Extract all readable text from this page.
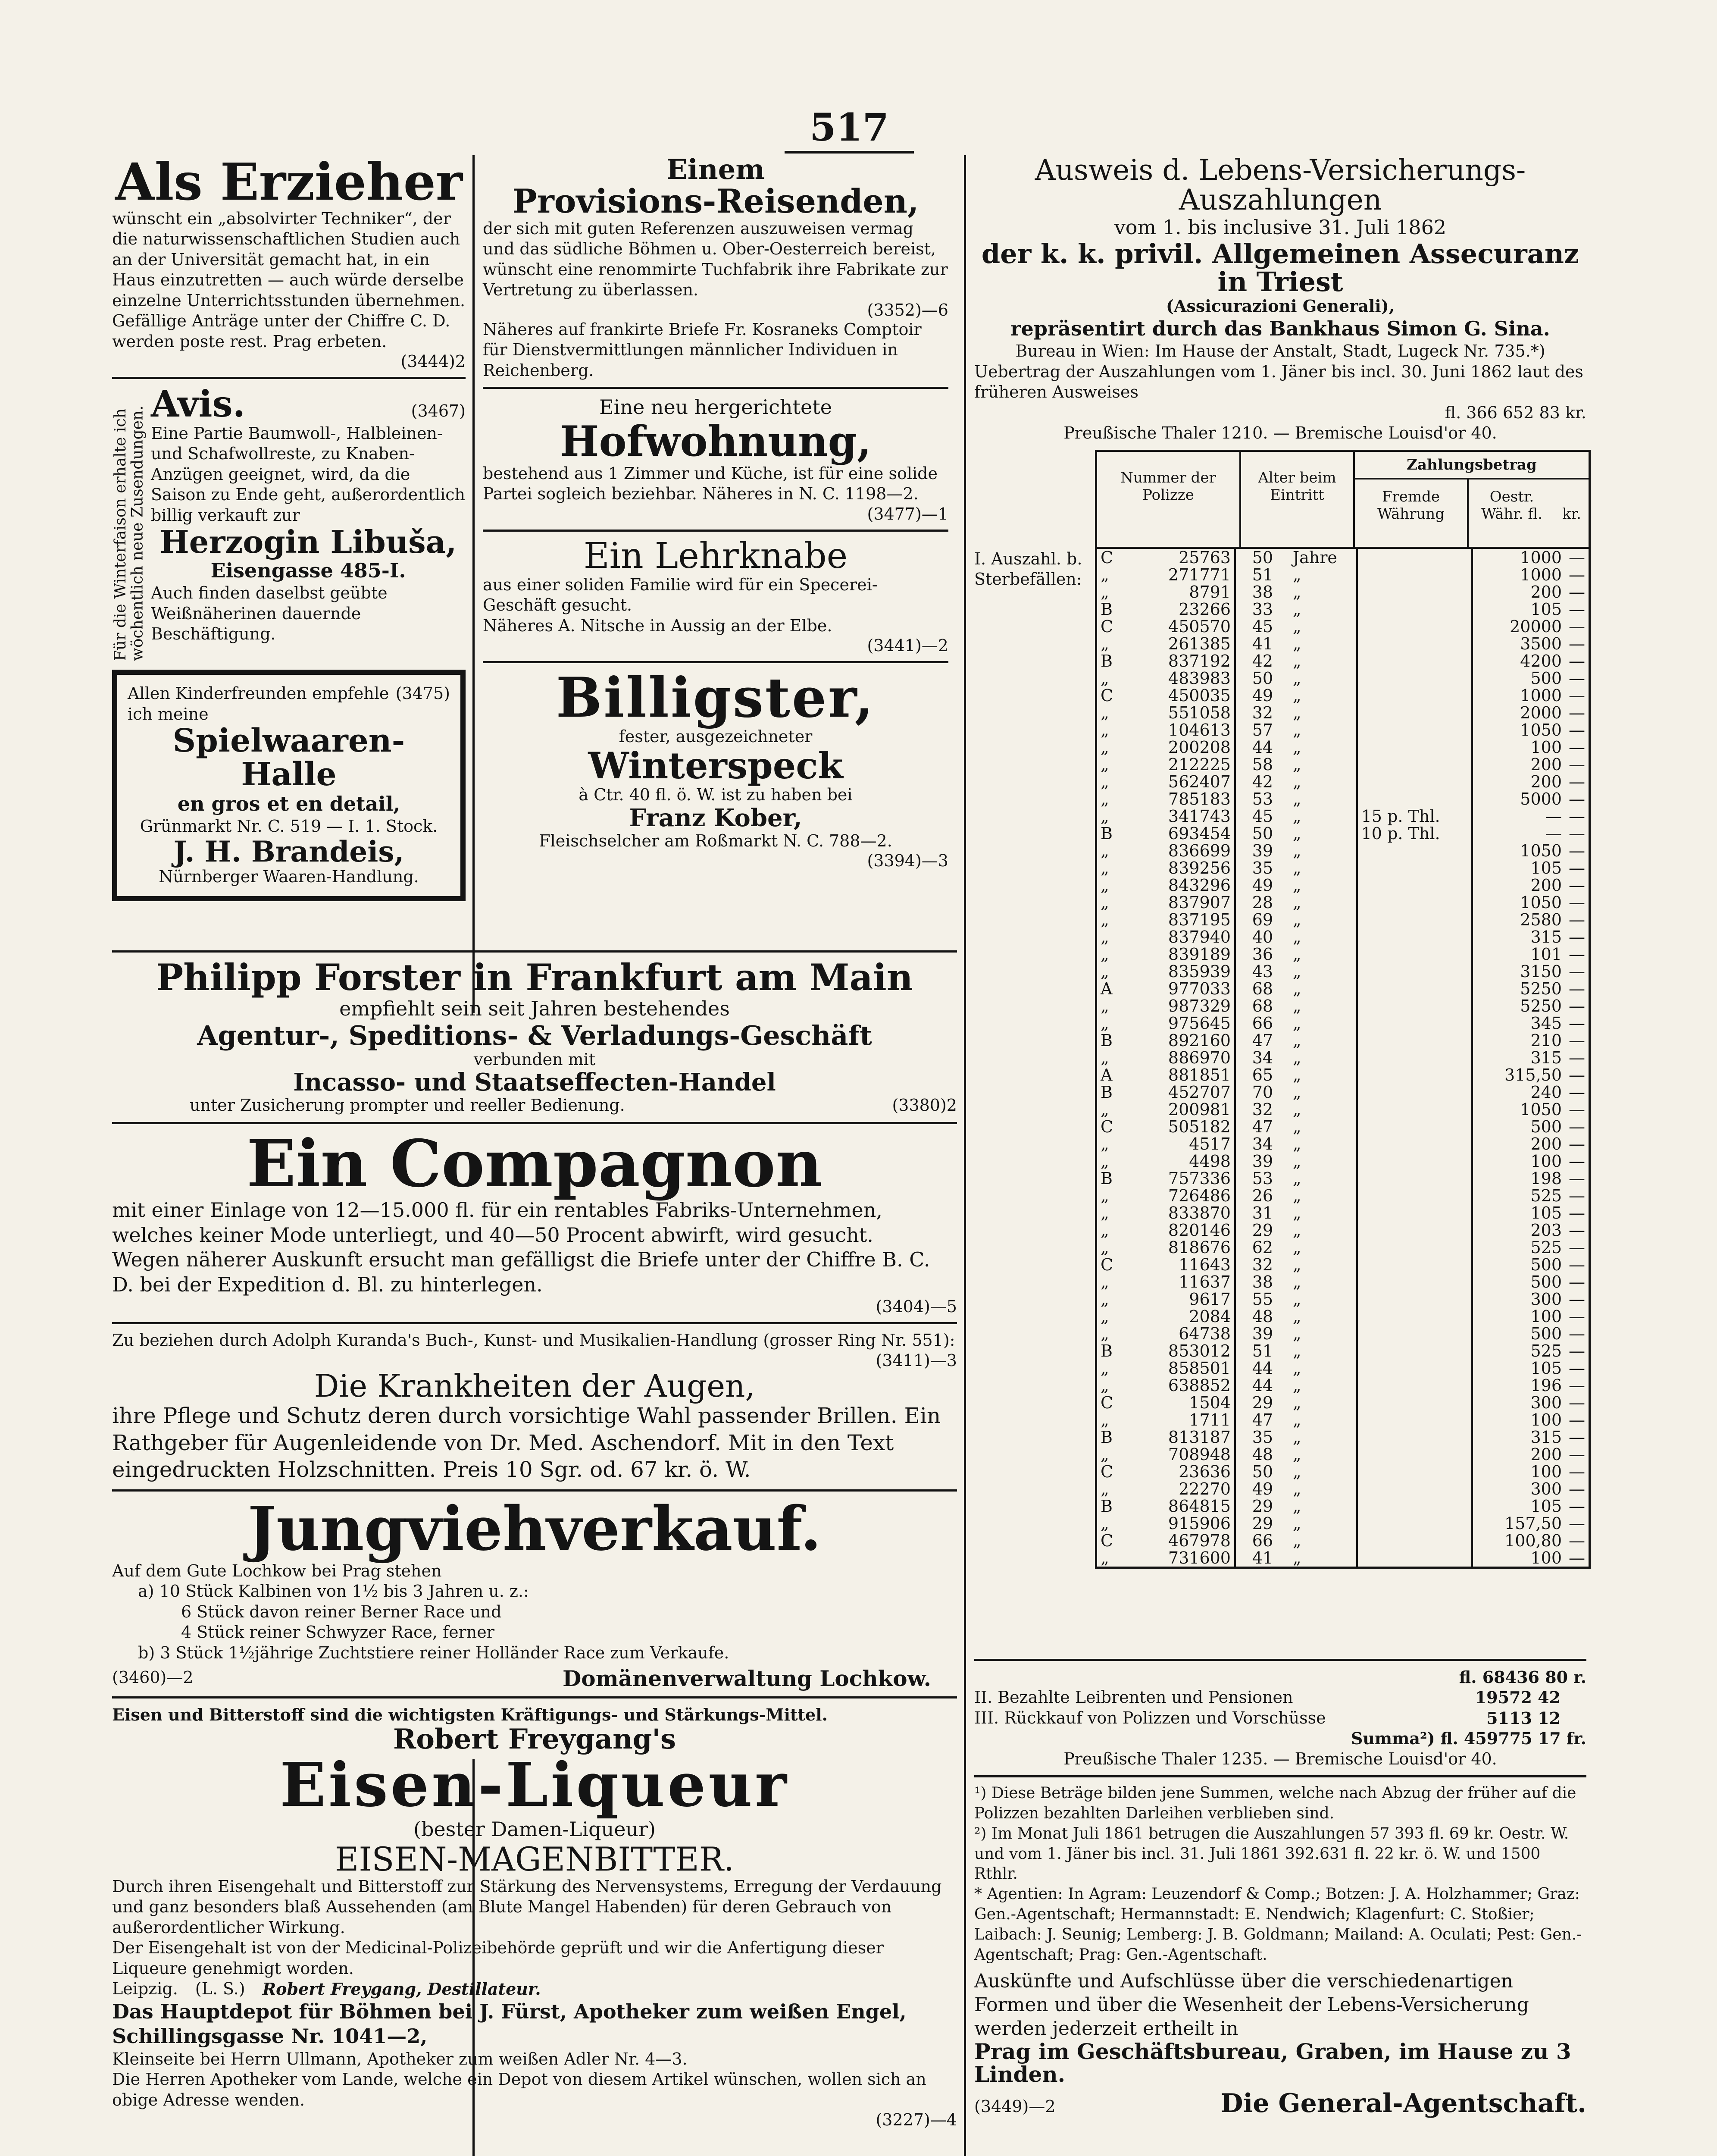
517
Als Erzieher
wünscht ein „absolvirter Techniker“, der die naturwissenschaftlichen Studien auch an der Universität gemacht hat, in ein Haus einzutretten — auch würde derselbe einzelne Unterrichtsstunden übernehmen.
Gefällige Anträge unter der Chiffre C. D. werden poste rest. Prag erbeten.
(3444)2
Für die Winterfaison erhalte ich wöchentlich neue Zusendungen.
Avis.	(3467)
Eine Partie Baumwoll-, Halbleinen- und Schafwollreste, zu Knaben-Anzügen geeignet, wird, da die Saison zu Ende geht, außerordentlich billig verkauft zur
Herzogin Libuša,
Eisengasse 485-I.
Auch finden daselbst geübte Weißnäherinen dauernde Beschäftigung.
Allen Kinderfreunden empfehle ich meine
(3475)
Spielwaaren-Halle
en gros et en detail,
Grünmarkt Nr. C. 519 — I. 1. Stock.
J. H. Brandeis,
Nürnberger Waaren-Handlung.
Einem
Provisions-Reisenden,
der sich mit guten Referenzen auszuweisen vermag und das südliche Böhmen u. Ober-Oesterreich bereist, wünscht eine renommirte Tuchfabrik ihre Fabrikate zur Vertretung zu überlassen.
(3352)—6
Näheres auf frankirte Briefe Fr. Kosraneks Comptoir für Dienstvermittlungen männlicher Individuen in Reichenberg.
Eine neu hergerichtete
Hofwohnung,
bestehend aus 1 Zimmer und Küche, ist für eine solide Partei sogleich beziehbar. Näheres in N. C. 1198—2.
(3477)—1
Ein Lehrknabe
aus einer soliden Familie wird für ein Specerei-Geschäft gesucht.
Näheres A. Nitsche in Aussig an der Elbe.
(3441)—2
Billigster,
fester, ausgezeichneter
Winterspeck
à Ctr. 40 fl. ö. W. ist zu haben bei
Franz Kober,
Fleischselcher am Roßmarkt N. C. 788—2.
(3394)—3
Philipp Forster in Frankfurt am Main
empfiehlt sein seit Jahren bestehendes
Agentur-, Speditions- & Verladungs-Geschäft
verbunden mit
Incasso- und Staatseffecten-Handel
unter Zusicherung prompter und reeller Bedienung.	(3380)2
Ein Compagnon
mit einer Einlage von 12—15.000 fl. für ein rentables Fabriks-Unternehmen, welches keiner Mode unterliegt, und 40—50 Procent abwirft, wird gesucht.
Wegen näherer Auskunft ersucht man gefälligst die Briefe unter der Chiffre B. C. D. bei der Expedition d. Bl. zu hinterlegen.
(3404)—5
Zu beziehen durch Adolph Kuranda's Buch-, Kunst- und Musikalien-Handlung (grosser Ring Nr. 551):
(3411)—3
Die Krankheiten der Augen,
ihre Pflege und Schutz deren durch vorsichtige Wahl passender Brillen. Ein Rathgeber für Augenleidende von Dr. Med. Aschendorf. Mit in den Text eingedruckten Holzschnitten. Preis 10 Sgr. od. 67 kr. ö. W.
Jungviehverkauf.
Auf dem Gute Lochkow bei Prag stehen
a) 10 Stück Kalbinen von 1½ bis 3 Jahren u. z.:
6 Stück davon reiner Berner Race und
4 Stück reiner Schwyzer Race, ferner
b) 3 Stück 1½jährige Zuchtstiere reiner Holländer Race zum Verkaufe.
(3460)—2	Domänenverwaltung Lochkow.
Eisen und Bitterstoff sind die wichtigsten Kräftigungs- und Stärkungs-Mittel.
Robert Freygang's
Eisen-Liqueur
(bester Damen-Liqueur)
EISEN-MAGENBITTER.
Durch ihren Eisengehalt und Bitterstoff zur Stärkung des Nervensystems, Erregung der Verdauung und ganz besonders blaß Aussehenden (am Blute Mangel Habenden) für deren Gebrauch von außerordentlicher Wirkung.
Der Eisengehalt ist von der Medicinal-Polizeibehörde geprüft und wir die Anfertigung dieser Liqueure genehmigt worden.
Leipzig. (L. S.) Robert Freygang, Destillateur.
Das Hauptdepot für Böhmen bei J. Fürst, Apotheker zum weißen Engel, Schillingsgasse Nr. 1041—2,
Kleinseite bei Herrn Ullmann, Apotheker zum weißen Adler Nr. 4—3.
Die Herren Apotheker vom Lande, welche ein Depot von diesem Artikel wünschen, wollen sich an obige Adresse wenden.
(3227)—4
Ausweis d. Lebens-Versicherungs-Auszahlungen
vom 1. bis inclusive 31. Juli 1862
der k. k. privil. Allgemeinen Assecuranz in Triest
(Assicurazioni Generali),
repräsentirt durch das Bankhaus Simon G. Sina.
Bureau in Wien: Im Hause der Anstalt, Stadt, Lugeck Nr. 735.*)
Uebertrag der Auszahlungen vom 1. Jäner bis incl. 30. Juni 1862 laut des früheren Ausweises
fl. 366 652 83 kr.
Preußische Thaler 1210. — Bremische Louisd'or 40.
I. Auszahl. b. Sterbefällen:
Nummer der Polizze
Alter beim Eintritt
Zahlungsbetrag
Fremde Währung
Oestr. Währ. fl.	kr.
C	25763	50	Jahre		1000	—
„	271771	51	„		1000	—
„	8791	38	„		200	—
B	23266	33	„		105	—
C	450570	45	„		20000	—
„	261385	41	„		3500	—
B	837192	42	„		4200	—
„	483983	50	„		500	—
C	450035	49	„		1000	—
„	551058	32	„		2000	—
„	104613	57	„		1050	—
„	200208	44	„		100	—
„	212225	58	„		200	—
„	562407	42	„		200	—
„	785183	53	„		5000	—
„	341743	45	„	15 p. Thl.	—	—
B	693454	50	„	10 p. Thl.	—	—
„	836699	39	„		1050	—
„	839256	35	„		105	—
„	843296	49	„		200	—
„	837907	28	„		1050	—
„	837195	69	„		2580	—
„	837940	40	„		315	—
„	839189	36	„		101	—
„	835939	43	„		3150	—
A	977033	68	„		5250	—
„	987329	68	„		5250	—
„	975645	66	„		345	—
B	892160	47	„		210	—
„	886970	34	„		315	—
A	881851	65	„		315,50	—
B	452707	70	„		240	—
„	200981	32	„		1050	—
C	505182	47	„		500	—
„	4517	34	„		200	—
„	4498	39	„		100	—
B	757336	53	„		198	—
„	726486	26	„		525	—
„	833870	31	„		105	—
„	820146	29	„		203	—
„	818676	62	„		525	—
C	11643	32	„		500	—
„	11637	38	„		500	—
„	9617	55	„		300	—
„	2084	48	„		100	—
„	64738	39	„		500	—
B	853012	51	„		525	—
„	858501	44	„		105	—
„	638852	44	„		196	—
C	1504	29	„		300	—
„	1711	47	„		100	—
B	813187	35	„		315	—
„	708948	48	„		200	—
C	23636	50	„		100	—
„	22270	49	„		300	—
B	864815	29	„		105	—
„	915906	29	„		157,50	—
C	467978	66	„		100,80	—
„	731600	41	„		100	—
fl. 68436 80 r.
II. Bezahlte Leibrenten und Pensionen	19572 42
III. Rückkauf von Polizzen und Vorschüsse	5113 12
Summa²) fl. 459775 17 fr.
Preußische Thaler 1235. — Bremische Louisd'or 40.
¹) Diese Beträge bilden jene Summen, welche nach Abzug der früher auf die Polizzen bezahlten Darleihen verblieben sind.
²) Im Monat Juli 1861 betrugen die Auszahlungen 57 393 fl. 69 kr. Oestr. W. und vom 1. Jäner bis incl. 31. Juli 1861 392.631 fl. 22 kr. ö. W. und 1500 Rthlr.
* Agentien: In Agram: Leuzendorf & Comp.; Botzen: J. A. Holzhammer; Graz: Gen.-Agentschaft; Hermannstadt: E. Nendwich; Klagenfurt: C. Stoßier; Laibach: J. Seunig; Lemberg: J. B. Goldmann; Mailand: A. Oculati; Pest: Gen.-Agentschaft; Prag: Gen.-Agentschaft.
Auskünfte und Aufschlüsse über die verschiedenartigen Formen und über die Wesenheit der Lebens-Versicherung werden jederzeit ertheilt in
Prag im Geschäftsbureau, Graben, im Hause zu 3 Linden.
(3449)—2	Die General-Agentschaft.
